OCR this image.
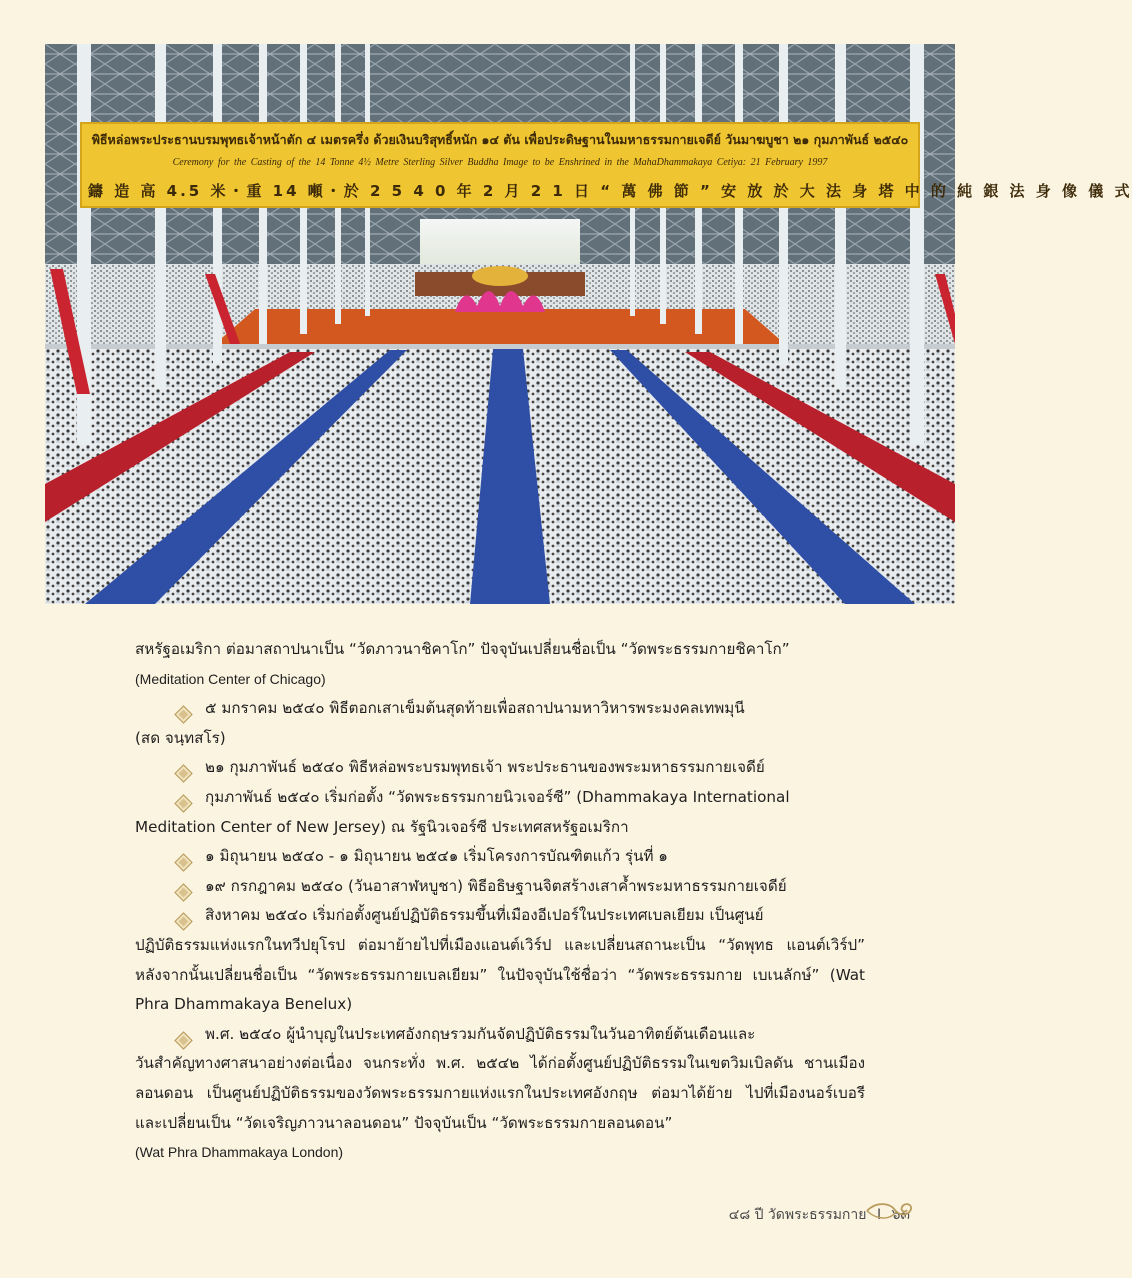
พิธีหล่อพระประธานบรมพุทธเจ้าหน้าตัก ๔ เมตรครึ่ง ด้วยเงินบริสุทธิ์หนัก ๑๔ ตัน เพื่อประดิษฐานในมหาธรรมกายเจดีย์ วันมาฆบูชา ๒๑ กุมภาพันธ์ ๒๕๔๐
Ceremony for the Casting of the 14 Tonne 4½ Metre Sterling Silver Buddha Image to be Enshrined in the MahaDhammakaya Cetiya: 21 February 1997
鑄 造 高 4.5 米・重 14 噸・於 2 5 4 0 年 2 月 2 1 日 “ 萬 佛 節 ” 安 放 於 大 法 身 塔 中 的 純 銀 法 身 像 儀 式

สหรัฐอเมริกา ต่อมาสถาปนาเป็น “วัดภาวนาชิคาโก” ปัจจุบันเปลี่ยนชื่อเป็น “วัดพระธรรมกายชิคาโก”
(Meditation Center of Chicago)

๕ มกราคม ๒๕๔๐ พิธีตอกเสาเข็มต้นสุดท้ายเพื่อสถาปนามหาวิหารพระมงคลเทพมุนี

(สด จนฺทสโร)

๒๑ กุมภาพันธ์ ๒๕๔๐ พิธีหล่อพระบรมพุทธเจ้า พระประธานของพระมหาธรรมกายเจดีย์

กุมภาพันธ์ ๒๕๔๐ เริ่มก่อตั้ง “วัดพระธรรมกายนิวเจอร์ซี” (Dhammakaya International

Meditation Center of New Jersey) ณ รัฐนิวเจอร์ซี ประเทศสหรัฐอเมริกา

๑ มิถุนายน ๒๕๔๐ - ๑ มิถุนายน ๒๕๔๑ เริ่มโครงการบัณฑิตแก้ว รุ่นที่ ๑

๑๙ กรกฎาคม ๒๕๔๐ (วันอาสาฬหบูชา) พิธีอธิษฐานจิตสร้างเสาค้ำพระมหาธรรมกายเจดีย์

สิงหาคม ๒๕๔๐ เริ่มก่อตั้งศูนย์ปฏิบัติธรรมขึ้นที่เมืองอีเปอร์ในประเทศเบลเยียม เป็นศูนย์

ปฏิบัติธรรมแห่งแรกในทวีปยุโรป ต่อมาย้ายไปที่เมืองแอนต์เวิร์ป และเปลี่ยนสถานะเป็น “วัดพุทธ แอนต์เวิร์ป” หลังจากนั้นเปลี่ยนชื่อเป็น “วัดพระธรรมกายเบลเยียม” ในปัจจุบันใช้ชื่อว่า “วัดพระธรรมกาย เบเนลักษ์” (Wat Phra Dhammakaya Benelux)

พ.ศ. ๒๕๔๐ ผู้นำบุญในประเทศอังกฤษรวมกันจัดปฏิบัติธรรมในวันอาทิตย์ต้นเดือนและ

วันสำคัญทางศาสนาอย่างต่อเนื่อง จนกระทั่ง พ.ศ. ๒๕๔๒ ได้ก่อตั้งศูนย์ปฏิบัติธรรมในเขตวิมเบิลดัน ชานเมืองลอนดอน เป็นศูนย์ปฏิบัติธรรมของวัดพระธรรมกายแห่งแรกในประเทศอังกฤษ ต่อมาได้ย้าย ไปที่เมืองนอร์เบอรี และเปลี่ยนเป็น “วัดเจริญภาวนาลอนดอน” ปัจจุบันเป็น “วัดพระธรรมกายลอนดอน”

(Wat Phra Dhammakaya London)

๔๘ ปี วัดพระธรรมกาย I ๖๓
